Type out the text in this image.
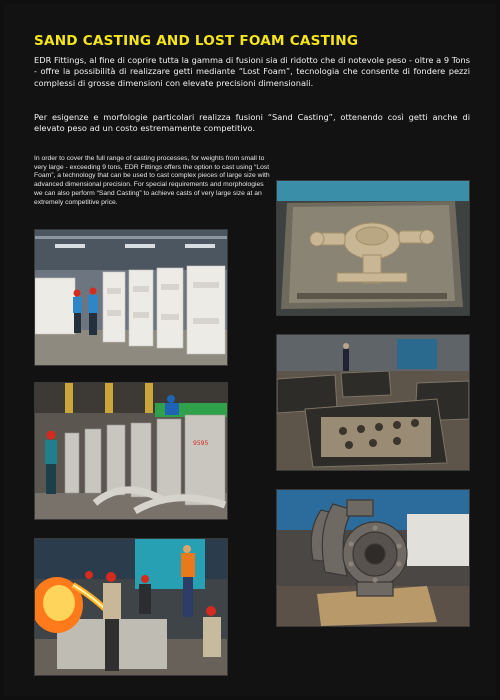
SAND CASTING AND LOST FOAM CASTING

EDR Fittings, al fine di coprire tutta la gamma di fusioni sia di ridotto che di notevole peso - oltre a 9 Tons - offre la possibilità di realizzare getti mediante “Lost Foam”, tecnologia che consente di fondere pezzi complessi di grosse dimensioni con elevate precisioni dimensionali.

Per esigenze e morfologie particolari realizza fusioni “Sand Casting”, ottenendo così getti anche di elevato peso ad un costo estremamente competitivo.

In order to cover the full range of casting processes, for weights from small to very large - exceeding 9 tons, EDR Fittings offers the option to cast using “Lost Foam”, a technology that can be used to cast complex pieces of large size with advanced dimensional precision. For special requirements and morphologies we can also perform “Sand Casting” to achieve casts of very large size at an extremely competitive price.

9595
